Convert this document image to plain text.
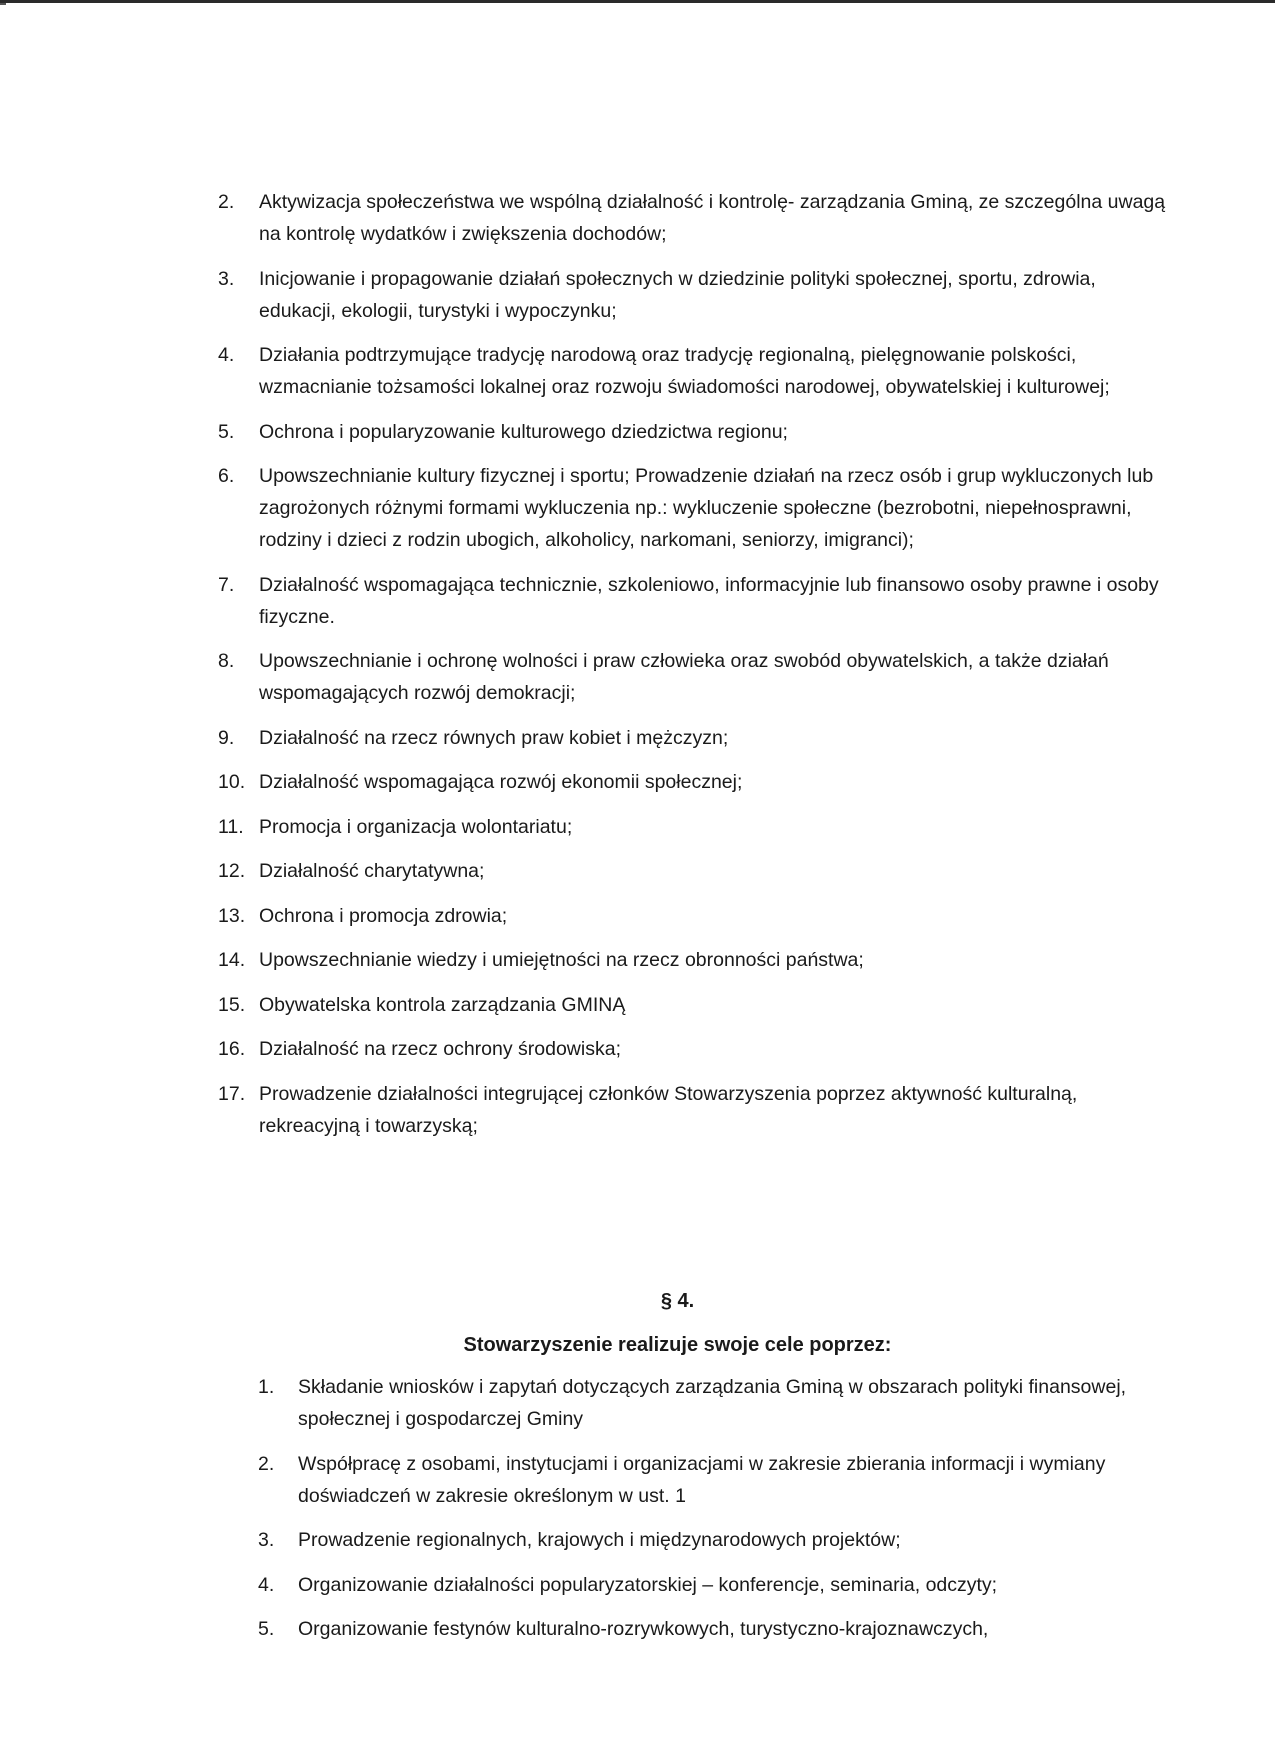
2. Aktywizacja społeczeństwa we wspólną działalność i kontrolę- zarządzania Gminą, ze szczególna uwagą na kontrolę wydatków i zwiększenia dochodów;
3. Inicjowanie i propagowanie działań społecznych w dziedzinie polityki społecznej, sportu, zdrowia, edukacji, ekologii, turystyki i wypoczynku;
4. Działania podtrzymujące tradycję narodową oraz tradycję regionalną, pielęgnowanie polskości, wzmacnianie tożsamości lokalnej oraz rozwoju świadomości narodowej, obywatelskiej i kulturowej;
5. Ochrona i popularyzowanie kulturowego dziedzictwa regionu;
6. Upowszechnianie kultury fizycznej i sportu; Prowadzenie działań na rzecz osób i grup wykluczonych lub zagrożonych różnymi formami wykluczenia np.: wykluczenie społeczne (bezrobotni, niepełnosprawni, rodziny i dzieci z rodzin ubogich, alkoholicy, narkomani, seniorzy, imigranci);
7. Działalność wspomagająca technicznie, szkoleniowo, informacyjnie lub finansowo osoby prawne i osoby fizyczne.
8. Upowszechnianie i ochronę wolności i praw człowieka oraz swobód obywatelskich, a także działań wspomagających rozwój demokracji;
9. Działalność na rzecz równych praw kobiet i mężczyzn;
10. Działalność wspomagająca rozwój ekonomii społecznej;
11. Promocja i organizacja wolontariatu;
12. Działalność charytatywna;
13. Ochrona i promocja zdrowia;
14. Upowszechnianie wiedzy i umiejętności na rzecz obronności państwa;
15. Obywatelska kontrola zarządzania GMINĄ
16. Działalność na rzecz ochrony środowiska;
17. Prowadzenie działalności integrującej członków Stowarzyszenia poprzez aktywność kulturalną, rekreacyjną i towarzyską;
§ 4.
Stowarzyszenie realizuje swoje cele poprzez:
1. Składanie wniosków i zapytań dotyczących zarządzania Gminą w obszarach polityki finansowej, społecznej i gospodarczej Gminy
2. Współpracę z osobami, instytucjami i organizacjami w zakresie zbierania informacji i wymiany doświadczeń w zakresie określonym w ust. 1
3. Prowadzenie regionalnych, krajowych i międzynarodowych projektów;
4. Organizowanie działalności popularyzatorskiej – konferencje, seminaria, odczyty;
5. Organizowanie festynów kulturalno-rozrywkowych, turystyczno-krajoznawczych,
